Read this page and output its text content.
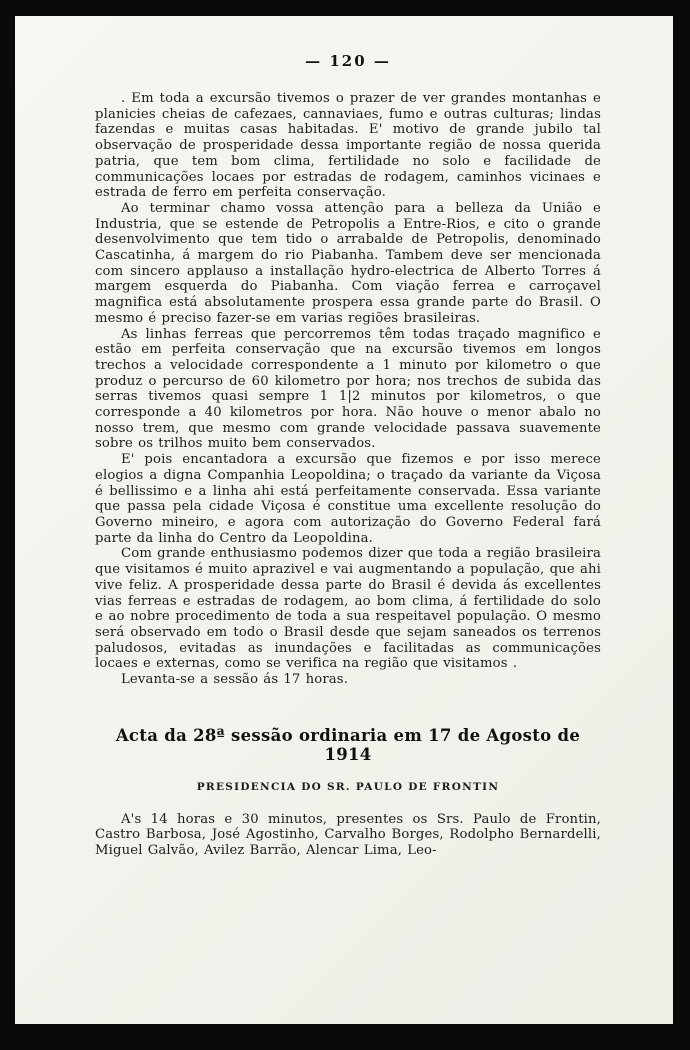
— 120 —

. Em toda a excursão tivemos o prazer de ver grandes montanhas e planicies cheias de cafezaes, cannaviaes, fumo e outras culturas; lindas fazendas e muitas casas habitadas. E' motivo de grande jubilo tal observação de prosperidade dessa importante região de nossa querida patria, que tem bom clima, fertilidade no solo e facilidade de communicações locaes por estradas de rodagem, caminhos vicinaes e estrada de ferro em perfeita conservação.

Ao terminar chamo vossa attenção para a belleza da União e Industria, que se estende de Petropolis a Entre-Rios, e cito o grande desenvolvimento que tem tido o arrabalde de Petropolis, denominado Cascatinha, á margem do rio Piabanha. Tambem deve ser mencionada com sincero applauso a installação hydro-electrica de Alberto Torres á margem esquerda do Piabanha. Com viação ferrea e carroçavel magnifica está absolutamente prospera essa grande parte do Brasil. O mesmo é preciso fazer-se em varias regiões brasileiras.

As linhas ferreas que percorremos têm todas traçado magnifico e estão em perfeita conservação que na excursão tivemos em longos trechos a velocidade correspondente a 1 minuto por kilometro o que produz o percurso de 60 kilometro por hora; nos trechos de subida das serras tivemos quasi sempre 1 1|2 minutos por kilometros, o que corresponde a 40 kilometros por hora. Não houve o menor abalo no nosso trem, que mesmo com grande velocidade passava suavemente sobre os trilhos muito bem conservados.

E' pois encantadora a excursão que fizemos e por isso merece elogios a digna Companhia Leopoldina; o traçado da variante da Viçosa é bellissimo e a linha ahi está perfeitamente conservada. Essa variante que passa pela cidade Viçosa é constitue uma excellente resolução do Governo mineiro, e agora com autorização do Governo Federal fará parte da linha do Centro da Leopoldina.

Com grande enthusiasmo podemos dizer que toda a região brasileira que visitamos é muito aprazivel e vai augmentando a população, que ahi vive feliz. A prosperidade dessa parte do Brasil é devida ás excellentes vias ferreas e estradas de rodagem, ao bom clima, á fertilidade do solo e ao nobre procedimento de toda a sua respeitavel população. O mesmo será observado em todo o Brasil desde que sejam saneados os terrenos paludosos, evitadas as inundações e facilitadas as communicações locaes e externas, como se verifica na região que visitamos .

Levanta-se a sessão ás 17 horas.

Acta da 28ª sessão ordinaria em 17 de Agosto de 1914
PRESIDENCIA DO SR. PAULO DE FRONTIN

A's 14 horas e 30 minutos, presentes os Srs. Paulo de Frontin, Castro Barbosa, José Agostinho, Carvalho Borges, Rodolpho Bernardelli, Miguel Galvão, Avilez Barrão, Alencar Lima, Leo-
